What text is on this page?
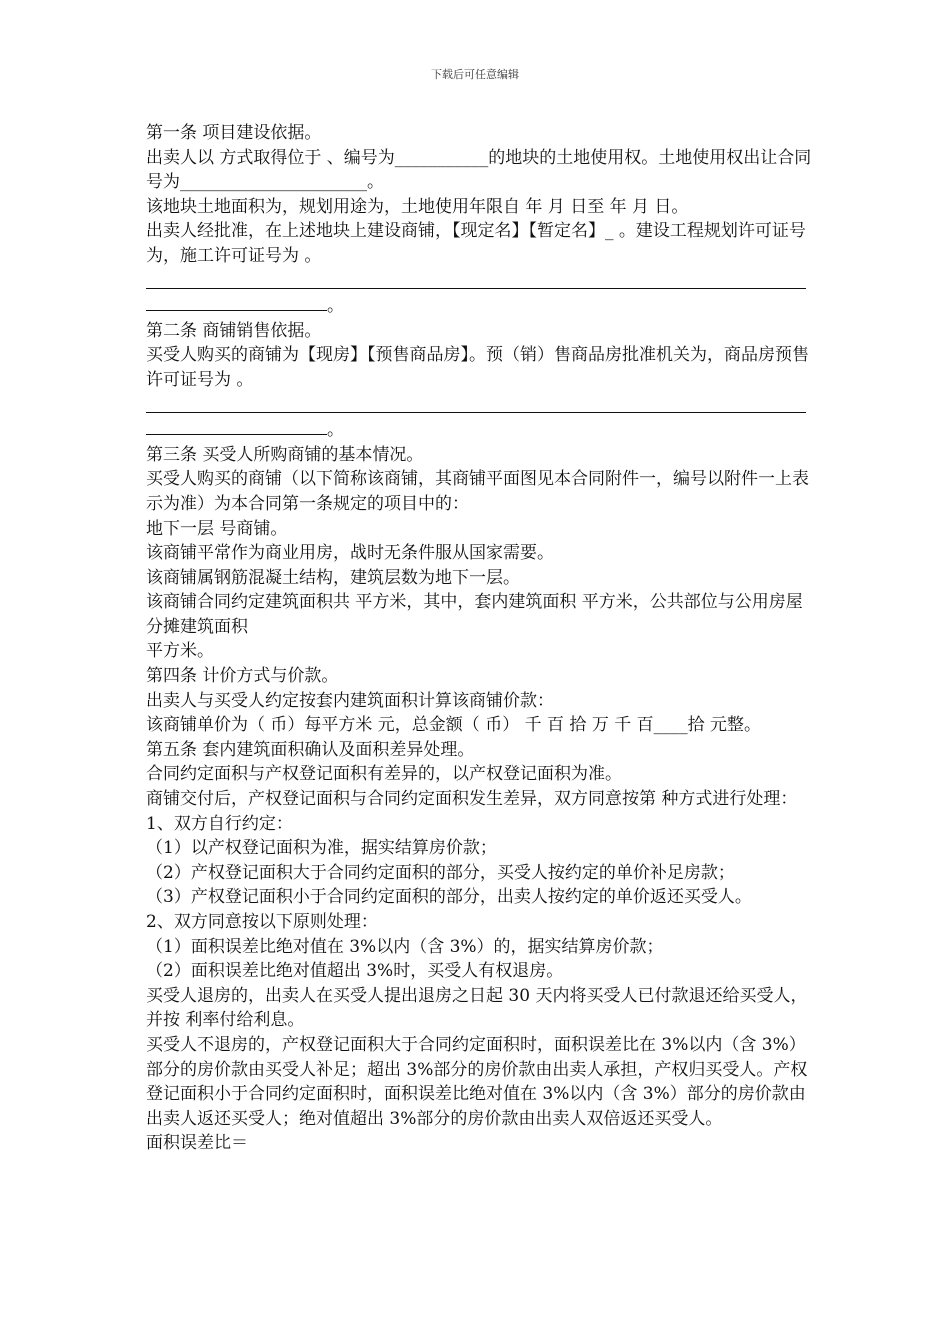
下载后可任意编辑

第一条 项目建设依据。

出卖人以 方式取得位于 、编号为___________的地块的土地使用权。土地使用权出让合同号为______________________。

该地块土地面积为，规划用途为，土地使用年限自 年 月 日至 年 月 日。

出卖人经批准，在上述地块上建设商铺，【现定名】【暂定名】_ 。建设工程规划许可证号为，施工许可证号为 。

。

第二条 商铺销售依据。

买受人购买的商铺为【现房】【预售商品房】。预（销）售商品房批准机关为，商品房预售许可证号为 。

。

第三条 买受人所购商铺的基本情况。

买受人购买的商铺（以下简称该商铺，其商铺平面图见本合同附件一，编号以附件一上表示为准）为本合同第一条规定的项目中的：

地下一层 号商铺。

该商铺平常作为商业用房，战时无条件服从国家需要。

该商铺属钢筋混凝土结构，建筑层数为地下一层。

该商铺合同约定建筑面积共 平方米，其中，套内建筑面积 平方米，公共部位与公用房屋分摊建筑面积

平方米。

第四条 计价方式与价款。

出卖人与买受人约定按套内建筑面积计算该商铺价款：

该商铺单价为（ 币）每平方米 元，总金额（ 币） 千 百 拾 万 千 百____拾 元整。

第五条 套内建筑面积确认及面积差异处理。

合同约定面积与产权登记面积有差异的，以产权登记面积为准。

商铺交付后，产权登记面积与合同约定面积发生差异，双方同意按第 种方式进行处理：

1、双方自行约定：

（1）以产权登记面积为准，据实结算房价款；

（2）产权登记面积大于合同约定面积的部分，买受人按约定的单价补足房款；

（3）产权登记面积小于合同约定面积的部分，出卖人按约定的单价返还买受人。

2、双方同意按以下原则处理：

（1）面积误差比绝对值在 3%以内（含 3%）的，据实结算房价款；

（2）面积误差比绝对值超出 3%时，买受人有权退房。

买受人退房的，出卖人在买受人提出退房之日起 30 天内将买受人已付款退还给买受人，并按 利率付给利息。

买受人不退房的，产权登记面积大于合同约定面积时，面积误差比在 3%以内（含 3%）部分的房价款由买受人补足；超出 3%部分的房价款由出卖人承担，产权归买受人。产权登记面积小于合同约定面积时，面积误差比绝对值在 3%以内（含 3%）部分的房价款由出卖人返还买受人；绝对值超出 3%部分的房价款由出卖人双倍返还买受人。

面积误差比＝
